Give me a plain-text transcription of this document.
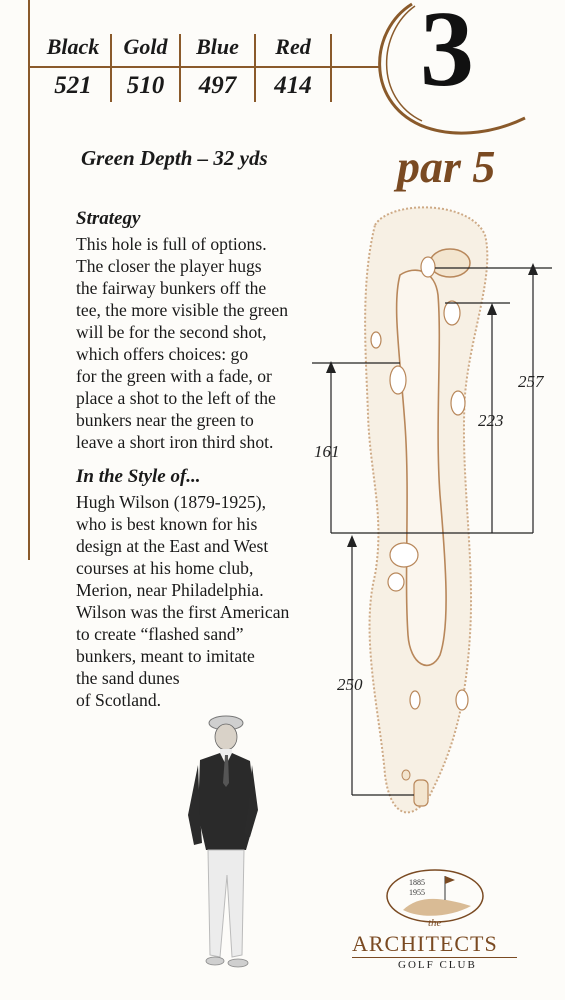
Black	Gold	Blue	Red
521	510	497	414 3
par 5
Green Depth – 32 yds
Strategy
This hole is full of options.
The closer the player hugs
the fairway bunkers off the
tee, the more visible the green
will be for the second shot,
which offers choices: go
for the green with a fade, or
place a shot to the left of the
bunkers near the green to
leave a short iron third shot.
In the Style of...
Hugh Wilson (1879-1925),
who is best known for his
design at the East and West
courses at his home club,
Merion, near Philadelphia.
Wilson was the first American
to create “flashed sand”
bunkers, meant to imitate
the sand dunes
of Scotland.
257
223
161
250
1885
1955
the
ARCHITECTS
GOLF CLUB
